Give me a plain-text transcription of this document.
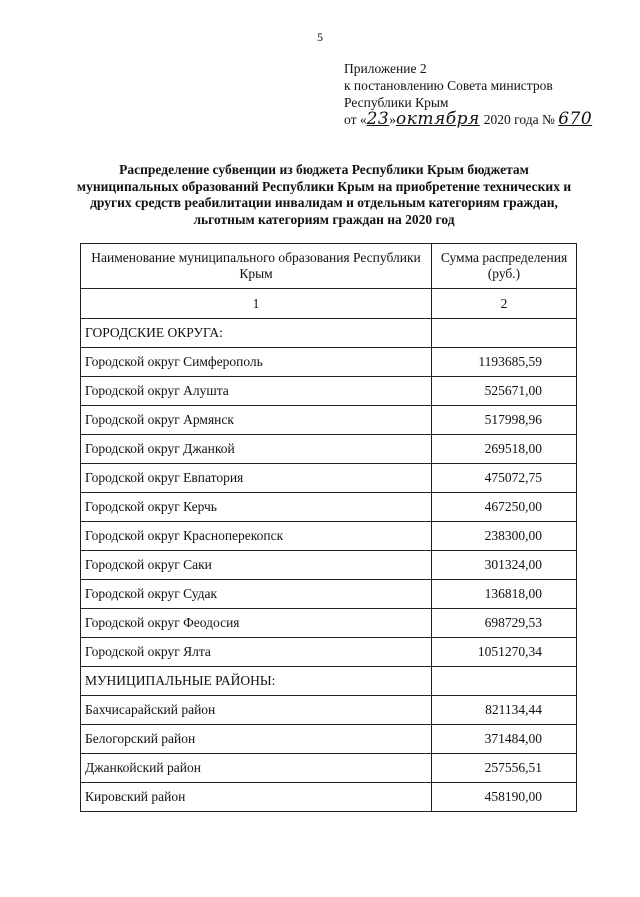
5
Приложение 2
к постановлению Совета министров
Республики Крым
от «23»октября 2020 года № 670
Распределение субвенции из бюджета Республики Крым бюджетам муниципальных образований Республики Крым на приобретение технических и других средств реабилитации инвалидам и отдельным категориям граждан, льготным категориям граждан на 2020 год
Наименование муниципального образования Республики Крым	Сумма распределения (руб.)
1	2
ГОРОДСКИЕ ОКРУГА:	
Городской округ Симферополь	1193685,59
Городской округ Алушта	525671,00
Городской округ Армянск	517998,96
Городской округ Джанкой	269518,00
Городской округ Евпатория	475072,75
Городской округ Керчь	467250,00
Городской округ Красноперекопск	238300,00
Городской округ Саки	301324,00
Городской округ Судак	136818,00
Городской округ Феодосия	698729,53
Городской округ Ялта	1051270,34
МУНИЦИПАЛЬНЫЕ РАЙОНЫ:	
Бахчисарайский район	821134,44
Белогорский район	371484,00
Джанкойский район	257556,51
Кировский район	458190,00
